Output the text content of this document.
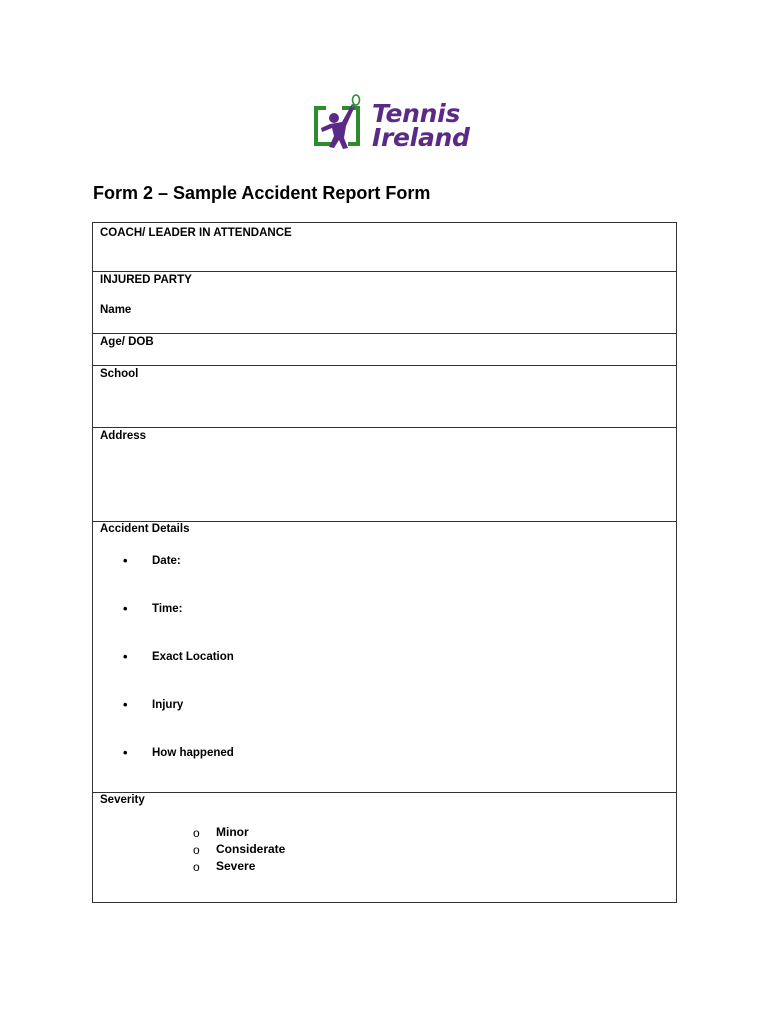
Tennis
Ireland
Form 2 – Sample Accident Report Form
COACH/ LEADER IN ATTENDANCE
INJURED PARTY
Name
Age/ DOB
School
Address
Accident Details
• Date:
• Time:
• Exact Location
• Injury
• How happened
Severity
o Minor
o Considerate
o Severe
